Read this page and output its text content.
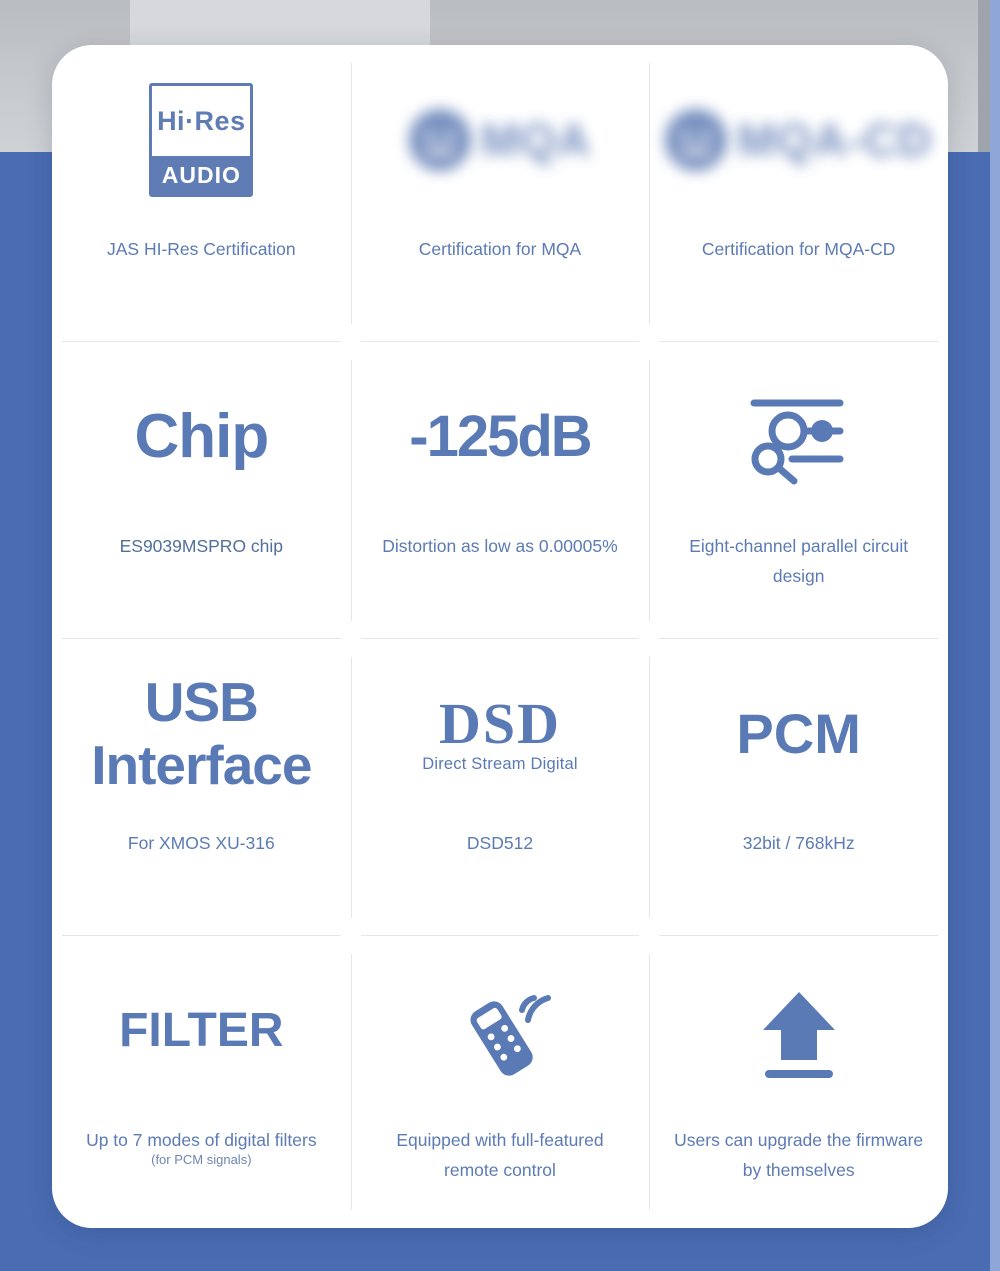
Hi·Res
AUDIO
JAS HI-Res Certification
MQA
Certification for MQA
MQA-CD
Certification for MQA-CD
Chip
ES9039MSPRO chip
-125dB
Distortion as low as 0.00005%	Eight-channel parallel circuit design
USB Interface
For XMOS XU-316
DSD
Direct Stream Digital
DSD512
PCM
32bit / 768kHz
FILTER
Up to 7 modes of digital filters
(for PCM signals)
Equipped with full-featured remote control
Users can upgrade the firmware by themselves
